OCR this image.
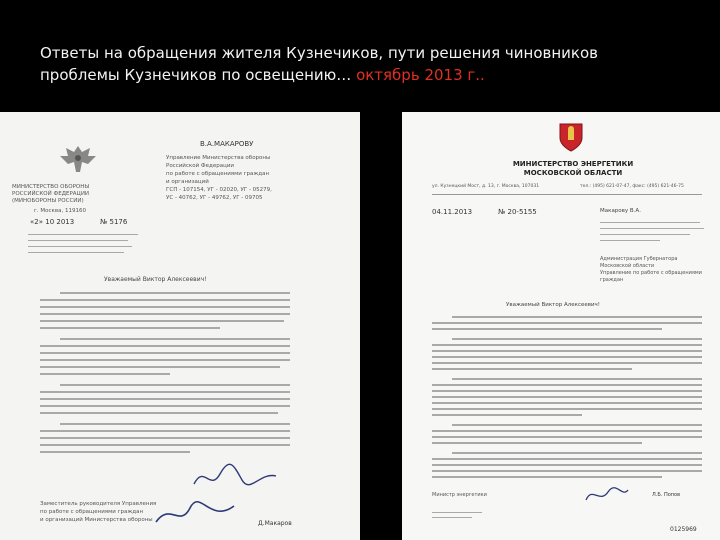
Ответы на обращения жителя Кузнечиков, пути решения чиновников
проблемы Кузнечиков по освещению… октябрь 2013 г..
МИНИСТЕРСТВО ОБОРОНЫ
РОССИЙСКОЙ ФЕДЕРАЦИИ
(МИНОБОРОНЫ РОССИИ)
г. Москва, 119160
«2» 10 2013	№ 5176
В.А.МАКАРОВУ
Управление Министерства обороны
Российской Федерации
по работе с обращениями граждан
и организаций
ГСП - 107154, УГ - 02020, УГ - 05279,
УС - 40762, УГ - 49762, УГ - 09705
Уважаемый Виктор Алексеевич!
Заместитель руководителя Управления
по работе с обращениями граждан
и организаций Министерства обороны	Д.Макаров
МИНИСТЕРСТВО ЭНЕРГЕТИКИ
МОСКОВСКОЙ ОБЛАСТИ
ул. Кузнецкий Мост, д. 13, г. Москва, 107031	тел.: (495) 621-07-47, факс: (495) 621-46-75
04.11.2013	№ 20-5155	Макарову В.А.
Администрация Губернатора
Московской области
Управление по работе с обращениями
граждан
Уважаемый Виктор Алексеевич!
Министр энергетики	Л.Б. Попов
0125969
